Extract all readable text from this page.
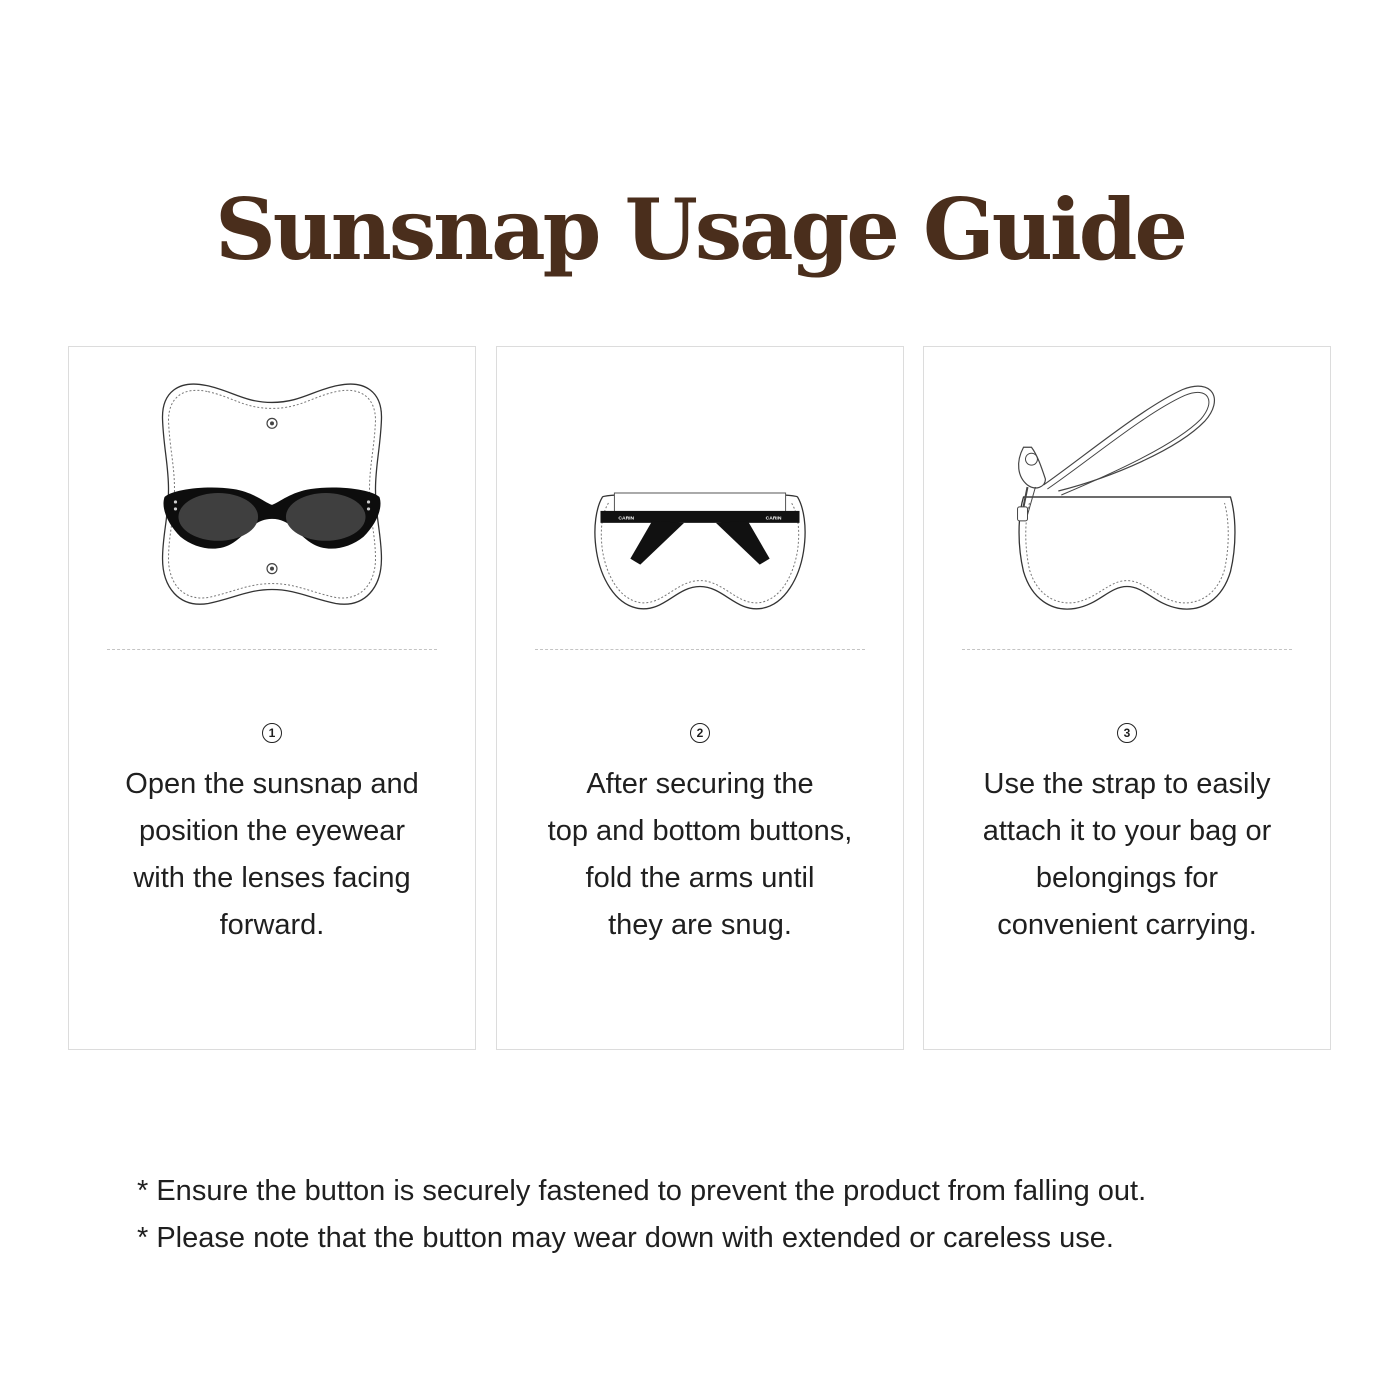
Sunsnap Usage Guide
1
Open the sunsnap and
position the eyewear
with the lenses facing
forward.
CARIN	CARIN
2
After securing the
top and bottom buttons,
fold the arms until
they are snug.
3
Use the strap to easily
attach it to your bag or
belongings for
convenient carrying.
* Ensure the button is securely fastened to prevent the product from falling out.
* Please note that the button may wear down with extended or careless use.
